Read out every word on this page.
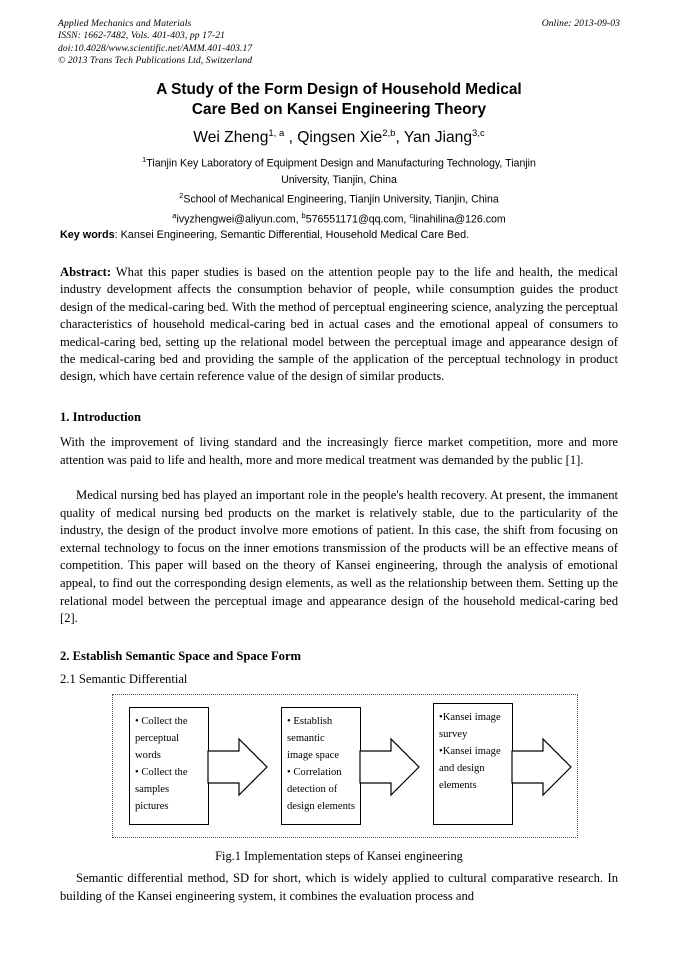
Applied Mechanics and Materials
ISSN: 1662-7482, Vols. 401-403, pp 17-21
doi:10.4028/www.scientific.net/AMM.401-403.17
© 2013 Trans Tech Publications Ltd, Switzerland
Online: 2013-09-03
A Study of the Form Design of Household Medical
Care Bed on Kansei Engineering Theory
Wei Zheng$^{1, a}$ , Qingsen Xie$^{2,b}$, Yan Jiang$^{3,c}$
$^1$Tianjin Key Laboratory of Equipment Design and Manufacturing Technology, Tianjin
University, Tianjin, China
$^2$School of Mechanical Engineering, Tianjin University, Tianjin, China
$^a$ivyzhengwei@aliyun.com, $^b$576551171@qq.com, $^c$linahilina@126.com
Key words: Kansei Engineering, Semantic Differential, Household Medical Care Bed.
Abstract: What this paper studies is based on the attention people pay to the life and health, the medical industry development affects the consumption behavior of people, while consumption guides the product design of the medical-caring bed. With the method of perceptual engineering science, analyzing the perceptual characteristics of household medical-caring bed in actual cases and the emotional appeal of consumers to medical-caring bed, setting up the relational model between the perceptual image and appearance design of the medical-caring bed and providing the sample of the application of the perceptual technology in product design, which have certain reference value of the design of similar products.
1. Introduction
With the improvement of living standard and the increasingly fierce market competition, more and more attention was paid to life and health, more and more medical treatment was demanded by the public [1].
Medical nursing bed has played an important role in the people's health recovery. At present, the immanent quality of medical nursing bed products on the market is relatively stable, due to the particularity of the industry, the design of the product involve more emotions of patient. In this case, the shift from focusing on external technology to focus on the inner emotions transmission of the products will be an effective means of competition. This paper will based on the theory of Kansei engineering, through the analysis of emotional appeal, to find out the corresponding design elements, as well as the relationship between them. Setting up the relational model between the perceptual image and appearance design of the household medical-caring bed [2].
2. Establish Semantic Space and Space Form
2.1 Semantic Differential
• Collect the
perceptual
words
• Collect the
samples
pictures
• Establish
semantic
image space
• Correlation
detection of
design elements
•Kansei image
survey
•Kansei image
and design
elements
Fig.1 Implementation steps of Kansei engineering
Semantic differential method, SD for short, which is widely applied to cultural comparative research. In building of the Kansei engineering system, it combines the evaluation process and
